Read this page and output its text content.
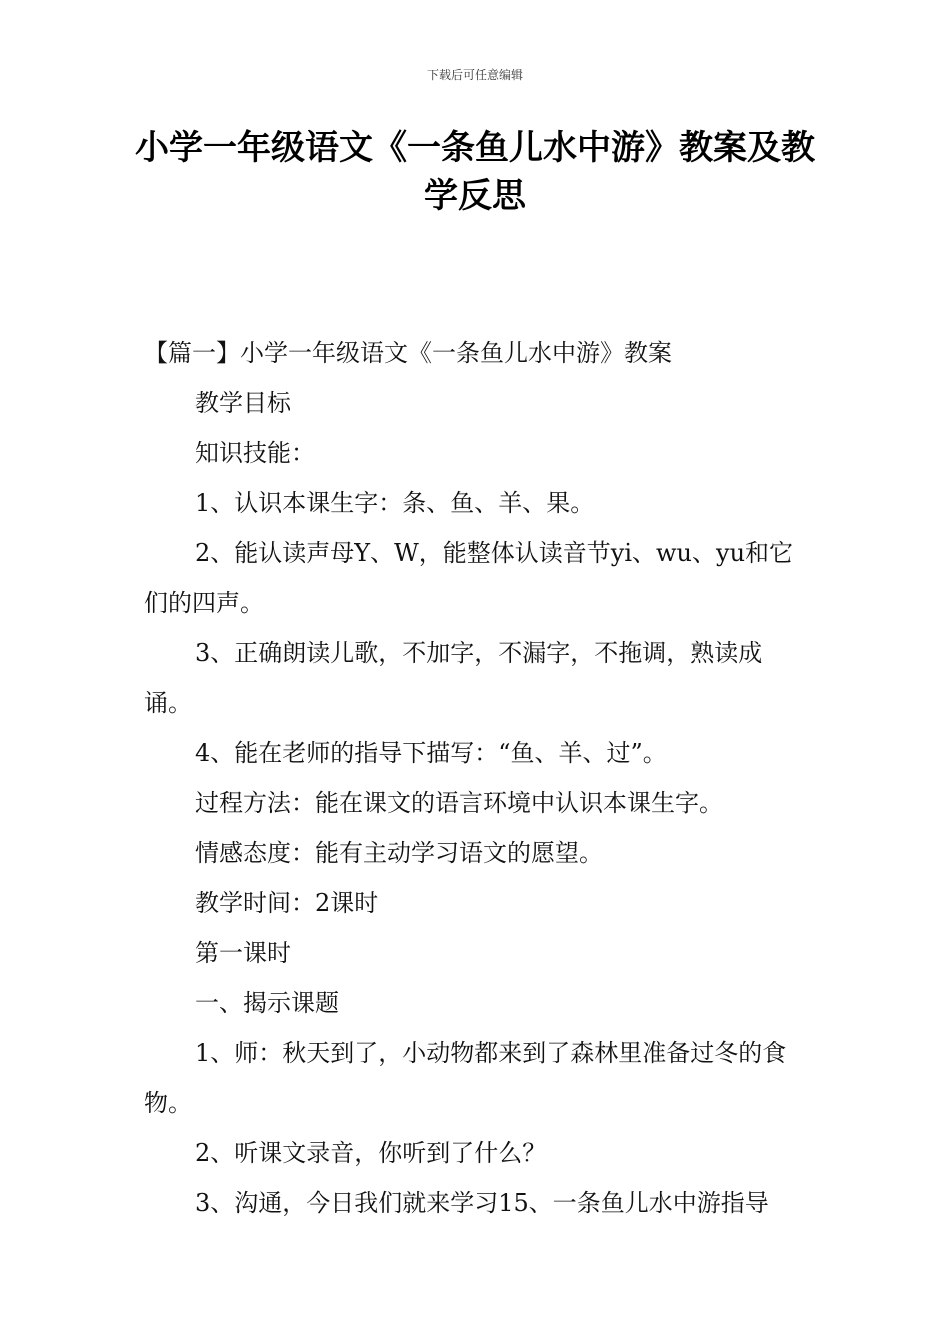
下载后可任意编辑
小学一年级语文《一条鱼儿水中游》教案及教学反思

【篇一】小学一年级语文《一条鱼儿水中游》教案

教学目标

知识技能：

1、认识本课生字：条、鱼、羊、果。

2、能认读声母Y、W，能整体认读音节yi、wu、yu和它们的四声。

3、正确朗读儿歌，不加字，不漏字，不拖调，熟读成诵。

4、能在老师的指导下描写：“鱼、羊、过”。

过程方法：能在课文的语言环境中认识本课生字。

情感态度：能有主动学习语文的愿望。

教学时间：2课时

第一课时

一、揭示课题

1、师：秋天到了，小动物都来到了森林里准备过冬的食物。

2、听课文录音，你听到了什么？

3、沟通，今日我们就来学习15、一条鱼儿水中游指导
